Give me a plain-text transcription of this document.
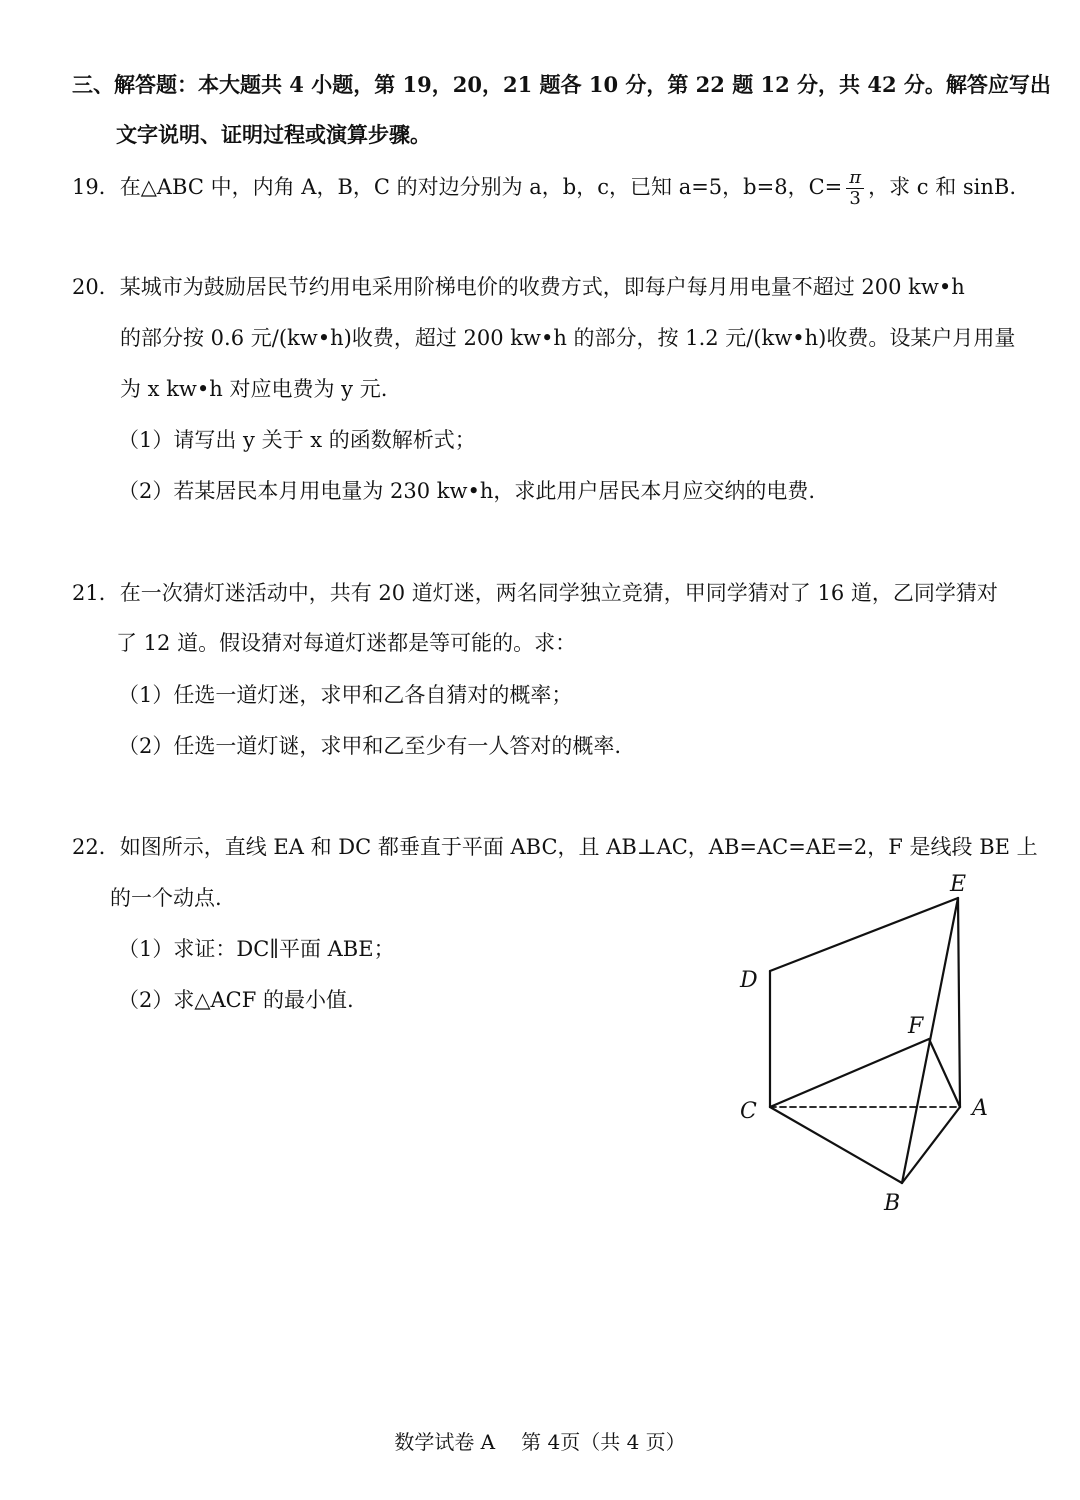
三、解答题：本大题共 4 小题，第 19，20，21 题各 10 分，第 22 题 12 分，共 42 分。解答应写出
文字说明、证明过程或演算步骤。
19．在△ABC 中，内角 A，B，C 的对边分别为 a，b，c，已知 a=5，b=8，$C= \frac{\pi}{3}$ ，求 c 和 sinB.
20．某城市为鼓励居民节约用电采用阶梯电价的收费方式，即每户每月用电量不超过 200 kw•h
的部分按 0.6 元/(kw•h)收费，超过 200 kw•h 的部分，按 1.2 元/(kw•h)收费。设某户月用量
为 x kw•h 对应电费为 y 元.
（1）请写出 y 关于 x 的函数解析式；
（2）若某居民本月用电量为 230 kw•h，求此用户居民本月应交纳的电费.
21．在一次猜灯迷活动中，共有 20 道灯迷，两名同学独立竞猜，甲同学猜对了 16 道，乙同学猜对
了 12 道。假设猜对每道灯迷都是等可能的。求：
（1）任选一道灯迷，求甲和乙各自猜对的概率；
（2）任选一道灯谜，求甲和乙至少有一人答对的概率.
22．如图所示，直线 EA 和 DC 都垂直于平面 ABC，且 AB⊥AC，AB=AC=AE=2，F 是线段 BE 上
的一个动点.
（1）求证：DC∥平面 ABE；
（2）求△ACF 的最小值.
E
D
F
C	A
B
数学试卷 A 第 4页（共 4 页）
